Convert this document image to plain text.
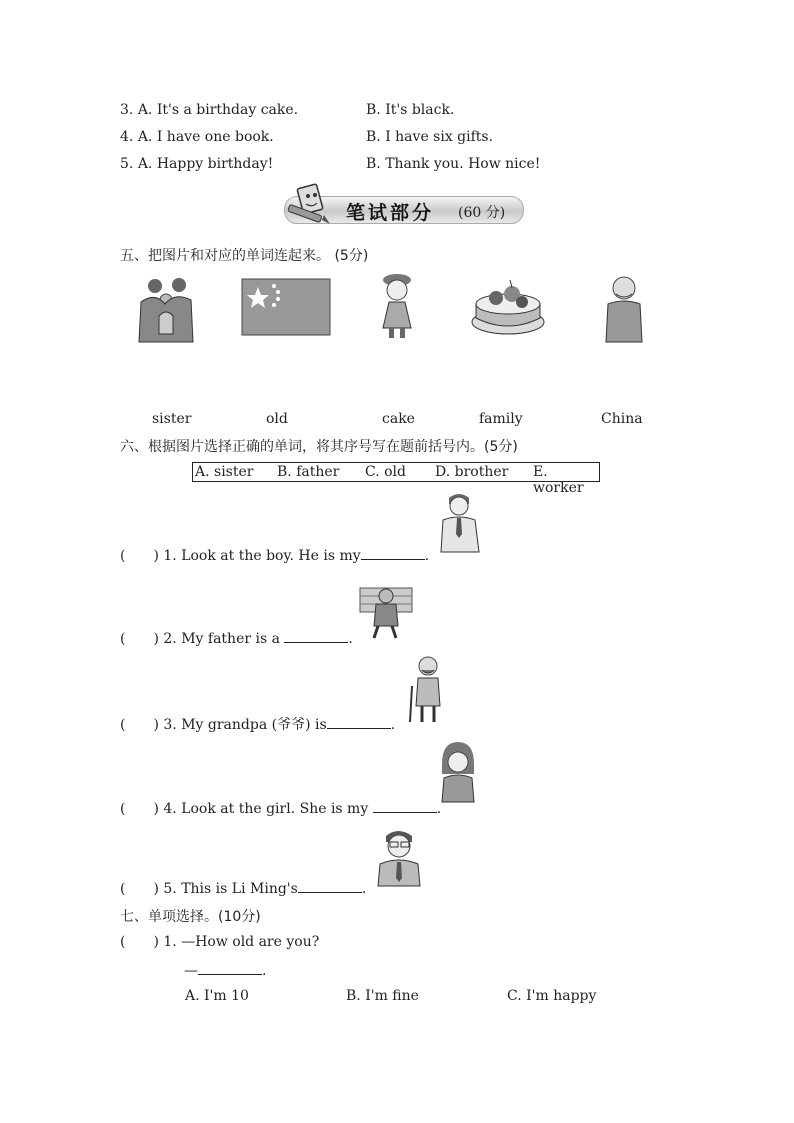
3. A. It's a birthday cake.	B. It's black.
4. A. I have one book.	B. I have six gifts.
5. A. Happy birthday!	B. Thank you. How nice!
笔试部分 (60 分)
五、把图片和对应的单词连起来。 (5分)
sister	old	cake	family	China
六、根据图片选择正确的单词，将其序号写在题前括号内。(5分)
A. sister B. father C. old D. brother E. worker
(　　) 1. Look at the boy. He is my	.
(　　) 2. My father is a	.
(　　) 3. My grandpa (爷爷) is	.
(　　) 4. Look at the girl. She is my	.
(　　) 5. This is Li Ming's	.
七、单项选择。(10分)
(　　) 1. —How old are you?
—	.
A. I'm 10	B. I'm fine	C. I'm happy
